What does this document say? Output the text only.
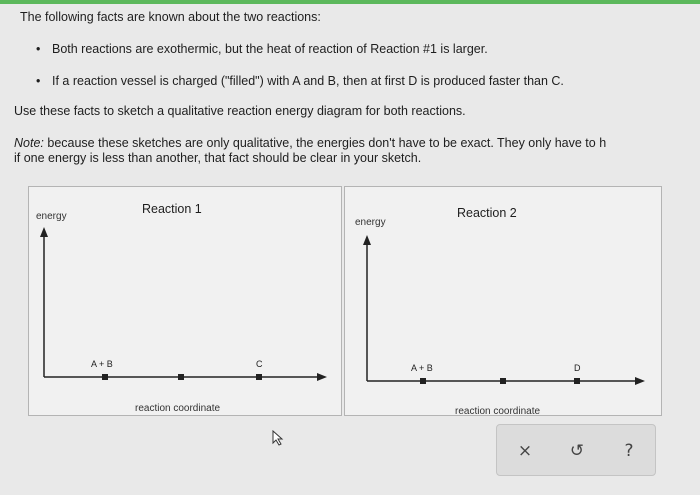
The following facts are known about the two reactions:
• Both reactions are exothermic, but the heat of reaction of Reaction #1 is larger.
• If a reaction vessel is charged ("filled") with A and B, then at first D is produced faster than C.
Use these facts to sketch a qualitative reaction energy diagram for both reactions.
Note: because these sketches are only qualitative, the energies don't have to be exact. They only have to h
if one energy is less than another, that fact should be clear in your sketch.
Reaction 1
energy
A + B	C
reaction coordinate
Reaction 2
energy
A + B	D
reaction coordinate
×	↺	?
